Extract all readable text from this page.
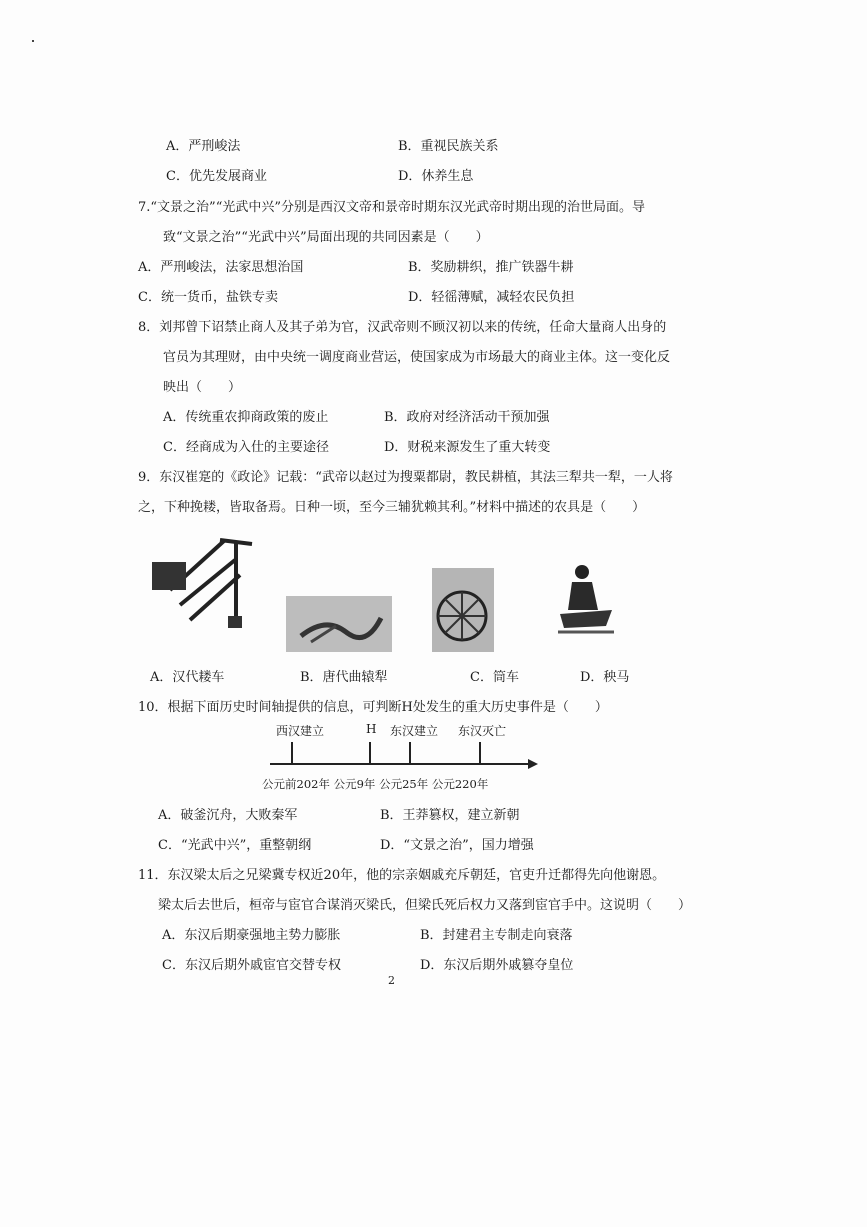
A．严刑峻法	B．重视民族关系
C．优先发展商业	D．休养生息
7.“文景之治”“光武中兴”分别是西汉文帝和景帝时期东汉光武帝时期出现的治世局面。导
致“文景之治”“光武中兴”局面出现的共同因素是（　　）
A．严刑峻法，法家思想治国	B．奖励耕织，推广铁器牛耕
C．统一货币，盐铁专卖	D．轻徭薄赋，减轻农民负担
8．刘邦曾下诏禁止商人及其子弟为官，汉武帝则不顾汉初以来的传统，任命大量商人出身的
官员为其理财，由中央统一调度商业营运，使国家成为市场最大的商业主体。这一变化反
映出（　　）
A．传统重农抑商政策的废止	B．政府对经济活动干预加强
C．经商成为入仕的主要途径	D．财税来源发生了重大转变
9．东汉崔寔的《政论》记载：“武帝以赵过为搜粟都尉，教民耕植，其法三犁共一犁，一人将
之，下种挽耧，皆取备焉。日种一顷，至今三辅犹赖其利。”材料中描述的农具是（　　）
A．汉代耧车	B．唐代曲辕犁	C．筒车	D．秧马
10．根据下面历史时间轴提供的信息，可判断H处发生的重大历史事件是（　　）
西汉建立	H 东汉建立 东汉灭亡
公元前202年 公元9年 公元25年 公元220年
A．破釜沉舟，大败秦军	B．王莽篡权，建立新朝
C．“光武中兴”，重整朝纲	D．“文景之治”，国力增强
11．东汉梁太后之兄梁冀专权近20年，他的宗亲姻戚充斥朝廷，官吏升迁都得先向他谢恩。
梁太后去世后，桓帝与宦官合谋消灭梁氏，但梁氏死后权力又落到宦官手中。这说明（　　）
A．东汉后期豪强地主势力膨胀	B．封建君主专制走向衰落
C．东汉后期外戚宦官交替专权	D．东汉后期外戚篡夺皇位
2
